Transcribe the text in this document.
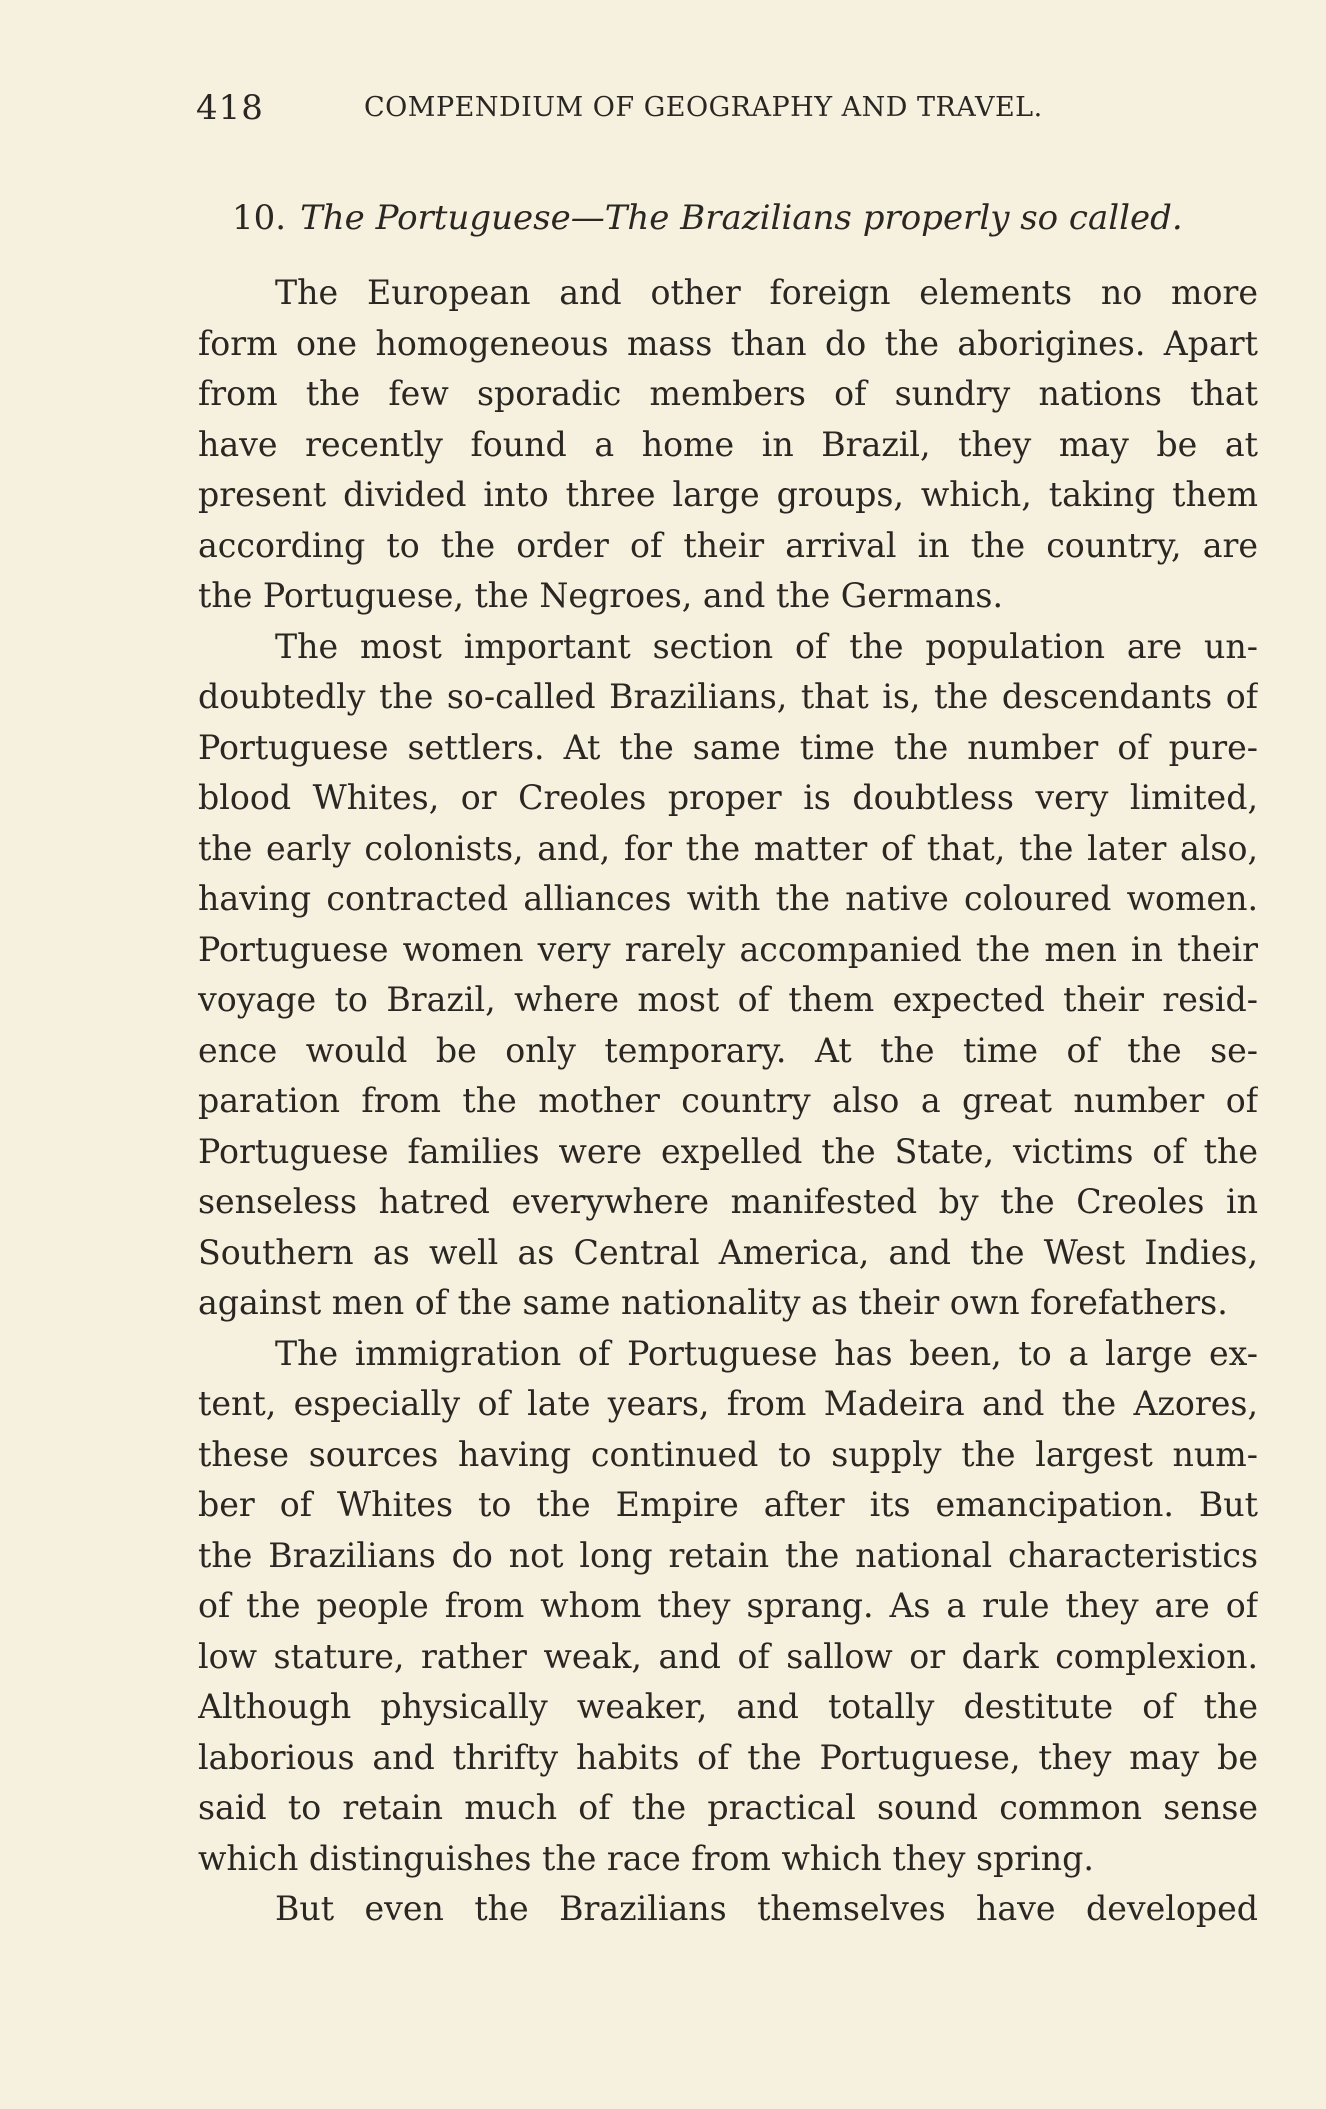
418	COMPENDIUM OF GEOGRAPHY AND TRAVEL.
10. The Portuguese—The Brazilians properly so called.
The European and other foreign elements no more
form one homogeneous mass than do the aborigines. Apart
from the few sporadic members of sundry nations that
have recently found a home in Brazil, they may be at
present divided into three large groups, which, taking them
according to the order of their arrival in the country, are
the Portuguese, the Negroes, and the Germans.
The most important section of the population are un-
doubtedly the so-called Brazilians, that is, the descendants of
Portuguese settlers. At the same time the number of pure-
blood Whites, or Creoles proper is doubtless very limited,
the early colonists, and, for the matter of that, the later also,
having contracted alliances with the native coloured women.
Portuguese women very rarely accompanied the men in their
voyage to Brazil, where most of them expected their resid-
ence would be only temporary. At the time of the se-
paration from the mother country also a great number of
Portuguese families were expelled the State, victims of the
senseless hatred everywhere manifested by the Creoles in
Southern as well as Central America, and the West Indies,
against men of the same nationality as their own forefathers.
The immigration of Portuguese has been, to a large ex-
tent, especially of late years, from Madeira and the Azores,
these sources having continued to supply the largest num-
ber of Whites to the Empire after its emancipation. But
the Brazilians do not long retain the national characteristics
of the people from whom they sprang. As a rule they are of
low stature, rather weak, and of sallow or dark complexion.
Although physically weaker, and totally destitute of the
laborious and thrifty habits of the Portuguese, they may be
said to retain much of the practical sound common sense
which distinguishes the race from which they spring.
But even the Brazilians themselves have developed
